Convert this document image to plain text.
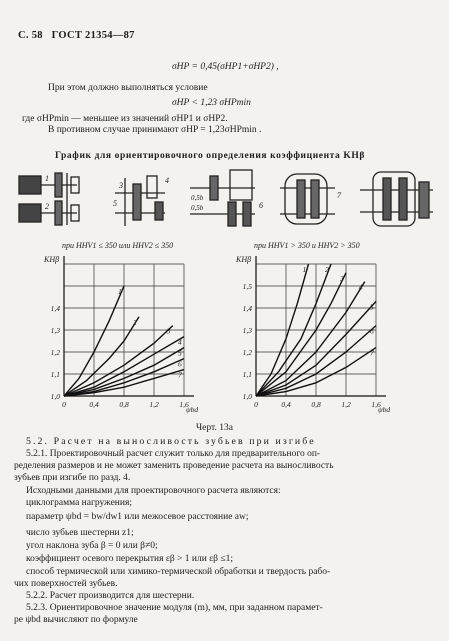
С. 58 ГОСТ 21354—87
σHP = 0,45(σHP1+σHP2) ,
При этом должно выполняться условие
σHP < 1,23 σHPmin
где σHPmin — меньшее из значений σHP1 и σHP2.
В противном случае принимают σHP = 1,23σHPmin .
График для ориентировочного определения коэффициента KHβ
1
2
3
4
5	6
7
0,5b
0,5b
при HHV1 ≤ 350 или HHV2 ≤ 350	при HHV1 > 350 и HHV2 > 350
0	0,4	0,8	1,2	1,6
1,0
1,1
1,2
1,3
1,4
KHβ
ψbd
1
2
3
4
5
6
7
0	0,4	0,8	1,2	1,6
1,0
1,1
1,2
1,3
1,4
1,5
KHβ
ψbd
1	2
3
4
5
6
7
Черт. 13а
5.2. Расчет на выносливость зубьев при изгибе
5.2.1. Проектировочный расчет служит только для предварительного оп-
ределения размеров и не может заменить проведение расчета на выносливость
зубьев при изгибе по разд. 4.
Исходными данными для проектировочного расчета являются:
циклограмма нагружения;
параметр ψbd = bw/dw1 или межосевое расстояние aw;
число зубьев шестерни z1;
угол наклона зуба β = 0 или β≠0;
коэффициент осевого перекрытия εβ > 1 или εβ ≤1;
способ термической или химико-термической обработки и твердость рабо-
чих поверхностей зубьев.
5.2.2. Расчет производится для шестерни.
5.2.3. Ориентировочное значение модуля (m), мм, при заданном парамет-
ре ψbd вычисляют по формуле
